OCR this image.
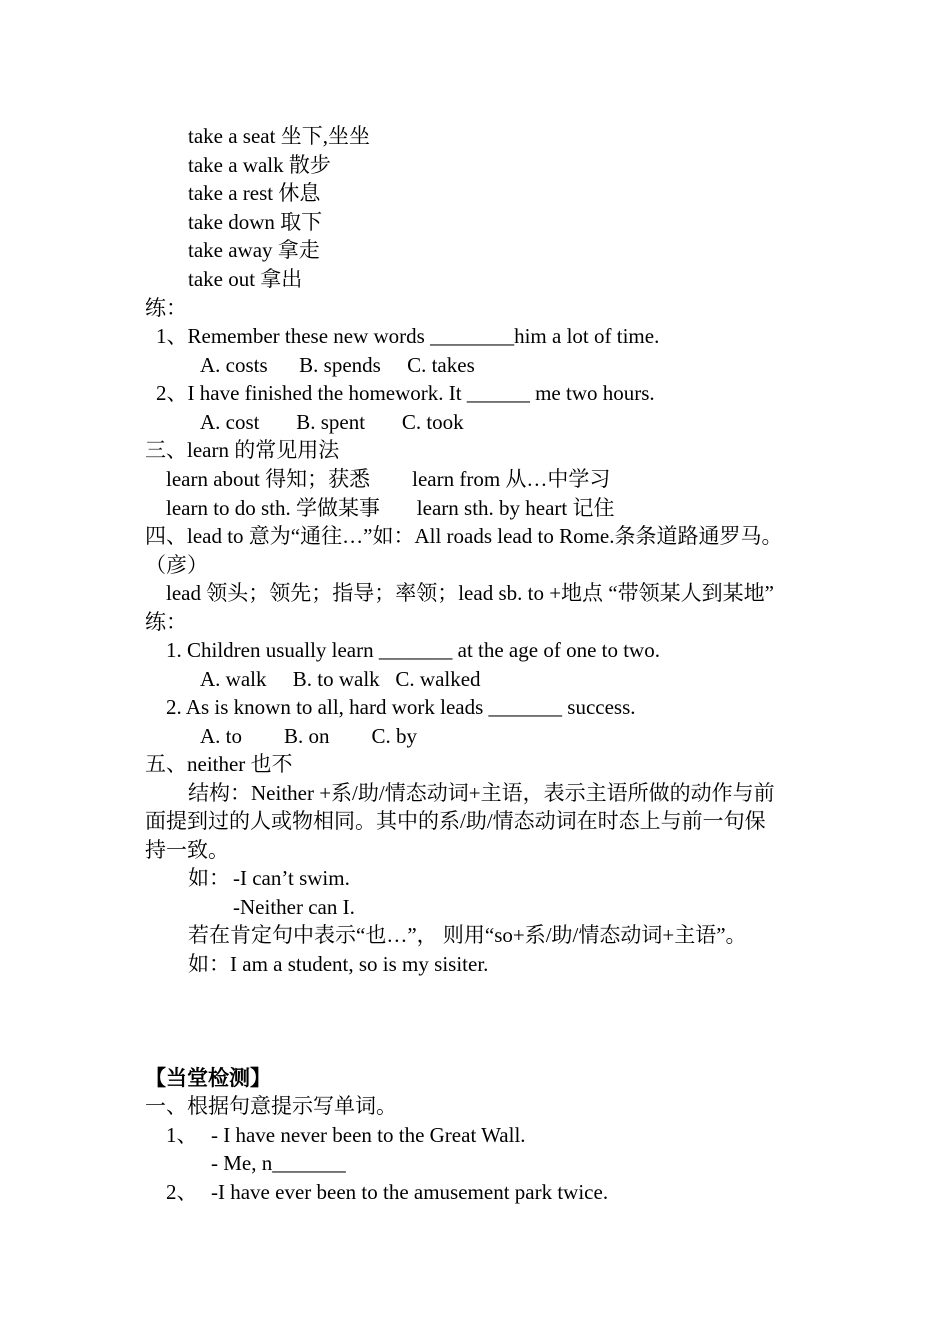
take a seat 坐下,坐坐
take a walk 散步
take a rest 休息
take down 取下
take away 拿走
take out 拿出
练：
1、Remember these new words ________him a lot of time.
A. costs      B. spends     C. takes
2、I have finished the homework. It ______ me two hours.
A. cost       B. spent       C. took
三、learn 的常见用法
learn about 得知；获悉        learn from 从…中学习
learn to do sth. 学做某事       learn sth. by heart 记住
四、lead to 意为“通往…”如：All roads lead to Rome.条条道路通罗马。
（彦）
lead 领头；领先；指导；率领；lead sb. to +地点 “带领某人到某地”
练：
1. Children usually learn _______ at the age of one to two.
A. walk     B. to walk   C. walked
2. As is known to all, hard work leads _______ success.
A. to        B. on        C. by
五、neither 也不
结构：Neither +系/助/情态动词+主语，表示主语所做的动作与前
面提到过的人或物相同。其中的系/助/情态动词在时态上与前一句保
持一致。
如： -I can’t swim.
-Neither can I.
若在肯定句中表示“也…”， 则用“so+系/助/情态动词+主语”。
如：I am a student, so is my sisiter.
【当堂检测】
一、根据句意提示写单词。
1、 - I have never been to the Great Wall.
- Me, n_______
2、 -I have ever been to the amusement park twice.
